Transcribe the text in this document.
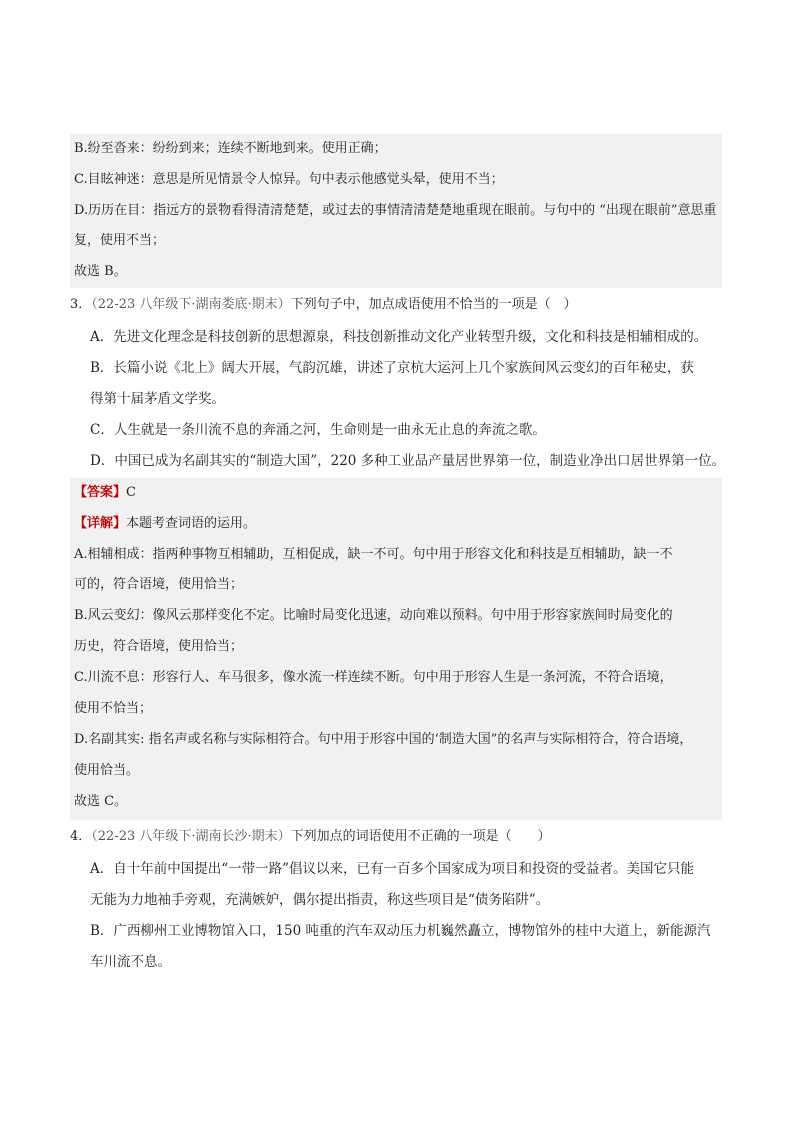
B.纷至沓来：纷纷到来；连续不断地到来。使用正确；
C.目眩神迷：意思是所见情景令人惊异。句中表示他感觉头晕，使用不当；
D.历历在目：指远方的景物看得清清楚楚，或过去的事情清清楚楚地重现在眼前。与句中的 “出现在眼前”意思重
复，使用不当；
故选 B。
3．（22-23 八年级下·湖南娄底·期末）下列句子中，加点成语使用不恰当的一项是（　）
A．先进文化理念是科技创新的思想源泉，科技创新推动文化产业转型升级，文化和科技是相辅相成的。
B．长篇小说《北上》阔大开展，气韵沉雄，讲述了京杭大运河上几个家族间风云变幻的百年秘史，获
得第十届茅盾文学奖。
C．人生就是一条川流不息的奔涌之河，生命则是一曲永无止息的奔流之歌。
D．中国已成为名副其实的“制造大国”，220 多种工业品产量居世界第一位，制造业净出口居世界第一位。
【答案】C
【详解】本题考查词语的运用。
A.相辅相成：指两种事物互相辅助，互相促成，缺一不可。句中用于形容文化和科技是互相辅助，缺一不
可的，符合语境，使用恰当；
B.风云变幻：像风云那样变化不定。比喻时局变化迅速，动向难以预料。句中用于形容家族间时局变化的
历史，符合语境，使用恰当；
C.川流不息：形容行人、车马很多，像水流一样连续不断。句中用于形容人生是一条河流，不符合语境，
使用不恰当；
D.名副其实: 指名声或名称与实际相符合。句中用于形容中国的‘制造大国”的名声与实际相符合，符合语境，
使用恰当。
故选 C。
4．（22-23 八年级下·湖南长沙·期末）下列加点的词语使用不正确的一项是（　　）
A．自十年前中国提出“一带一路”倡议以来，已有一百多个国家成为项目和投资的受益者。美国它只能
无能为力地袖手旁观，充满嫉妒，偶尔提出指责，称这些项目是“债务陷阱”。
B．广西柳州工业博物馆入口，150 吨重的汽车双动压力机巍然矗立，博物馆外的桂中大道上，新能源汽
车川流不息。
